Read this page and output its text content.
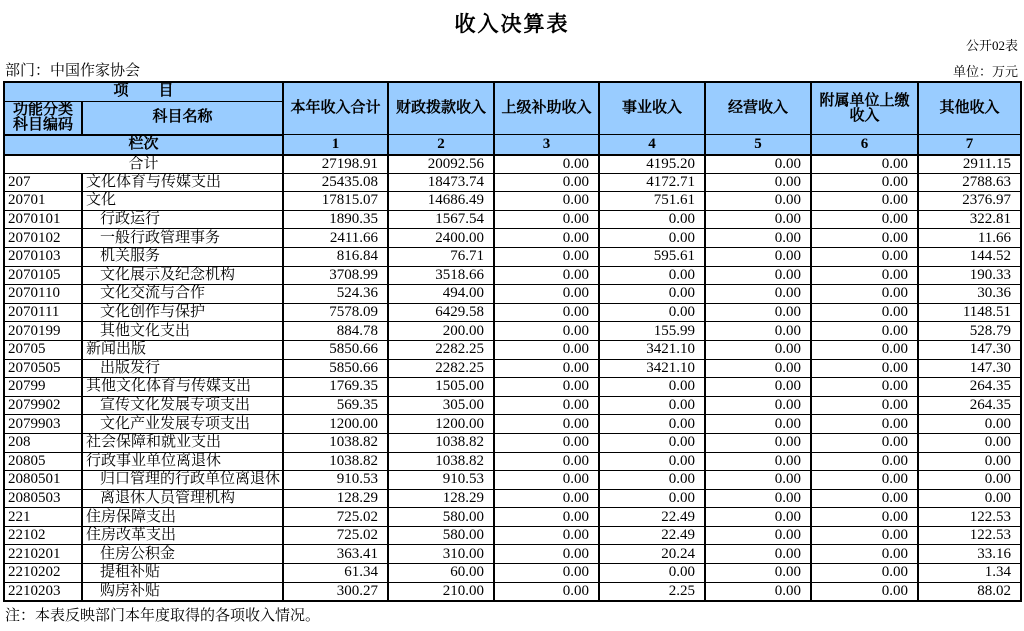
收入决算表
公开02表
部门：中国作家协会	单位：万元
项　　目		本年收入合计	财政拨款收入	上级补助收入	事业收入	经营收入	附属单位上缴收入	其他收入
功能分类科目编码	科目名称							
栏次		1	2	3	4	5	6	7
合计		27198.91	20092.56	0.00	4195.20	0.00	0.00	2911.15
207	文化体育与传媒支出	25435.08	18473.74	0.00	4172.71	0.00	0.00	2788.63
20701	文化	17815.07	14686.49	0.00	751.61	0.00	0.00	2376.97
2070101	行政运行	1890.35	1567.54	0.00	0.00	0.00	0.00	322.81
2070102	一般行政管理事务	2411.66	2400.00	0.00	0.00	0.00	0.00	11.66
2070103	机关服务	816.84	76.71	0.00	595.61	0.00	0.00	144.52
2070105	文化展示及纪念机构	3708.99	3518.66	0.00	0.00	0.00	0.00	190.33
2070110	文化交流与合作	524.36	494.00	0.00	0.00	0.00	0.00	30.36
2070111	文化创作与保护	7578.09	6429.58	0.00	0.00	0.00	0.00	1148.51
2070199	其他文化支出	884.78	200.00	0.00	155.99	0.00	0.00	528.79
20705	新闻出版	5850.66	2282.25	0.00	3421.10	0.00	0.00	147.30
2070505	出版发行	5850.66	2282.25	0.00	3421.10	0.00	0.00	147.30
20799	其他文化体育与传媒支出	1769.35	1505.00	0.00	0.00	0.00	0.00	264.35
2079902	宣传文化发展专项支出	569.35	305.00	0.00	0.00	0.00	0.00	264.35
2079903	文化产业发展专项支出	1200.00	1200.00	0.00	0.00	0.00	0.00	0.00
208	社会保障和就业支出	1038.82	1038.82	0.00	0.00	0.00	0.00	0.00
20805	行政事业单位离退休	1038.82	1038.82	0.00	0.00	0.00	0.00	0.00
2080501	归口管理的行政单位离退休	910.53	910.53	0.00	0.00	0.00	0.00	0.00
2080503	离退休人员管理机构	128.29	128.29	0.00	0.00	0.00	0.00	0.00
221	住房保障支出	725.02	580.00	0.00	22.49	0.00	0.00	122.53
22102	住房改革支出	725.02	580.00	0.00	22.49	0.00	0.00	122.53
2210201	住房公积金	363.41	310.00	0.00	20.24	0.00	0.00	33.16
2210202	提租补贴	61.34	60.00	0.00	0.00	0.00	0.00	1.34
2210203	购房补贴	300.27	210.00	0.00	2.25	0.00	0.00	88.02
注：本表反映部门本年度取得的各项收入情况。
